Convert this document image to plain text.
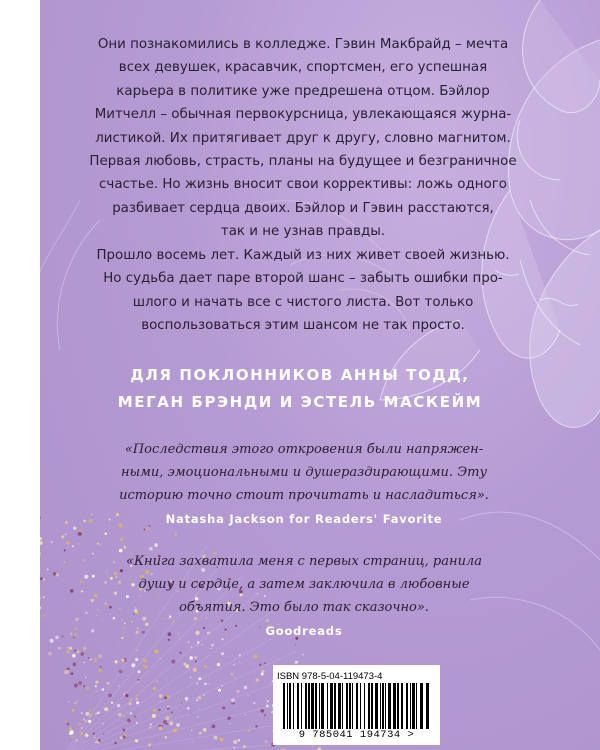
Они познакомились в колледже. Гэвин Макбрайд – мечта
всех девушек, красавчик, спортсмен, его успешная
карьера в политике уже предрешена отцом. Бэйлор
Митчелл – обычная первокурсница, увлекающаяся журна-
листикой. Их притягивает друг к другу, словно магнитом.
Первая любовь, страсть, планы на будущее и безграничное
счастье. Но жизнь вносит свои коррективы: ложь одного
разбивает сердца двоих. Бэйлор и Гэвин расстаются,
так и не узнав правды.
Прошло восемь лет. Каждый из них живет своей жизнью.
Но судьба дает паре второй шанс – забыть ошибки про-
шлого и начать все с чистого листа. Вот только
воспользоваться этим шансом не так просто.
ДЛЯ ПОКЛОННИКОВ АННЫ ТОДД,
МЕГАН БРЭНДИ И ЭСТЕЛЬ МАСКЕЙМ
«Последствия этого откровения были напряжен-
ными, эмоциональными и душераздирающими. Эту
историю точно стоит прочитать и насладиться».
Natasha Jackson for Readers' Favorite
«Книга захватила меня с первых страниц, ранила
душу и сердце, а затем заключила в любовные
объятия. Это было так сказочно».
Goodreads
ISBN 978-5-04-119473-4
9 785041 194734 >
